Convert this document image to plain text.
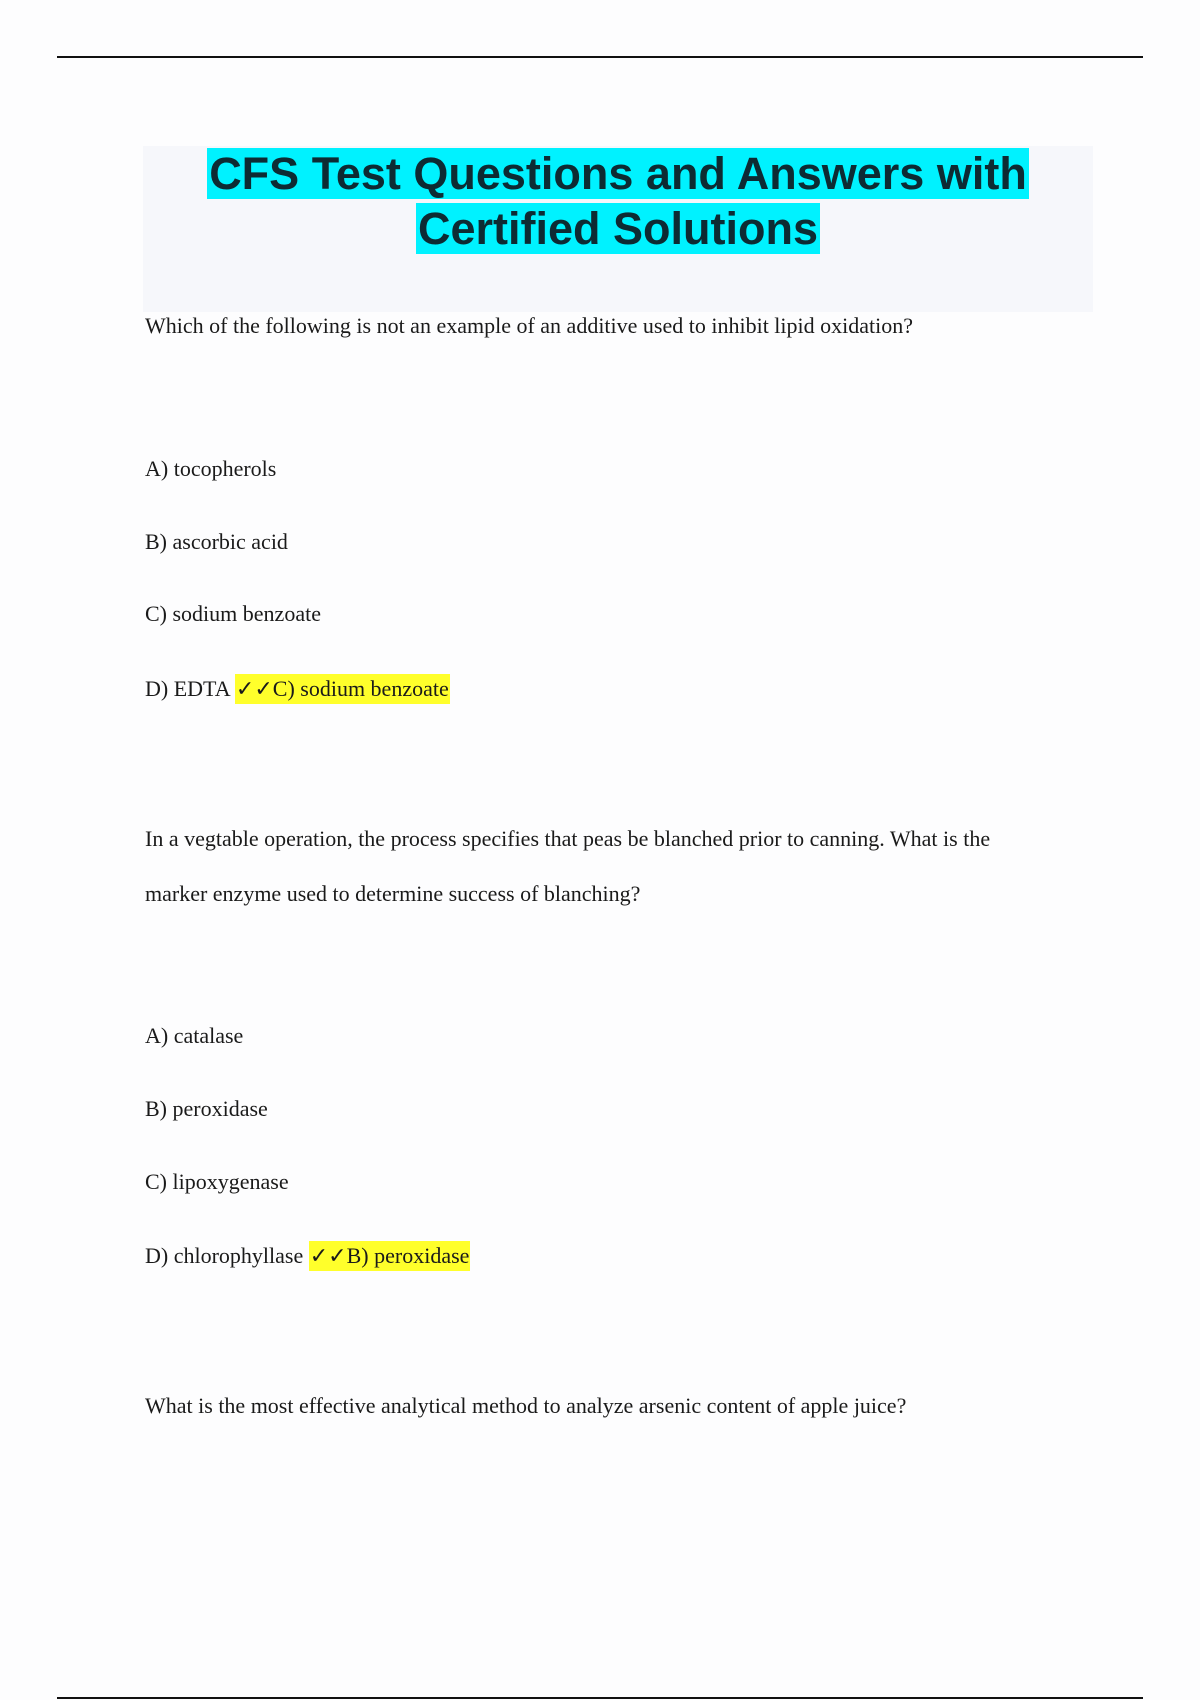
CFS Test Questions and Answers with
Certified Solutions

Which of the following is not an example of an additive used to inhibit lipid oxidation?

A) tocopherols

B) ascorbic acid

C) sodium benzoate

D) EDTA ✓✓C) sodium benzoate

In a vegtable operation, the process specifies that peas be blanched prior to canning. What is the

marker enzyme used to determine success of blanching?

A) catalase

B) peroxidase

C) lipoxygenase

D) chlorophyllase ✓✓B) peroxidase

What is the most effective analytical method to analyze arsenic content of apple juice?
